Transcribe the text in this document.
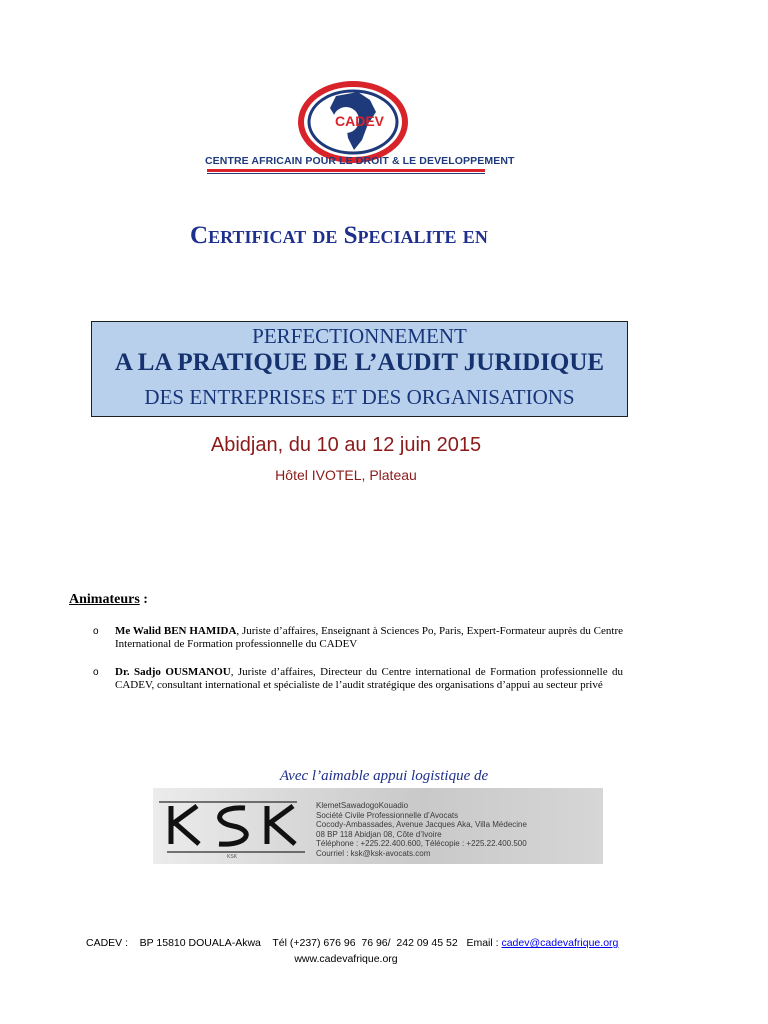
CADEV
CENTRE AFRICAIN POUR LE DROIT & LE DEVELOPPEMENT
Certificat de Specialite en
PERFECTIONNEMENT
A LA PRATIQUE DE L’AUDIT JURIDIQUE
DES ENTREPRISES ET DES ORGANISATIONS
Abidjan, du 10 au 12 juin 2015
Hôtel IVOTEL, Plateau
Animateurs :
o Me Walid BEN HAMIDA, Juriste d’affaires, Enseignant à Sciences Po, Paris, Expert-Formateur auprès du Centre International de Formation professionnelle du CADEV
o Dr. Sadjo OUSMANOU, Juriste d’affaires, Directeur du Centre international de Formation professionnelle du CADEV, consultant international et spécialiste de l’audit stratégique des organisations d’appui au secteur privé
Avec l’aimable appui logistique de
KSK
KlemetSawadogoKouadio
Société Civile Professionnelle d’Avocats
Cocody-Ambassades, Avenue Jacques Aka, Villa Médecine
08 BP 118 Abidjan 08, Côte d’Ivoire
Téléphone : +225.22.400.600, Télécopie : +225.22.400.500
Courriel : ksk@ksk-avocats.com
CADEV :    BP 15810 DOUALA-Akwa    Tél (+237) 676 96  76 96/  242 09 45 52   Email : cadev@cadevafrique.org
www.cadevafrique.org
